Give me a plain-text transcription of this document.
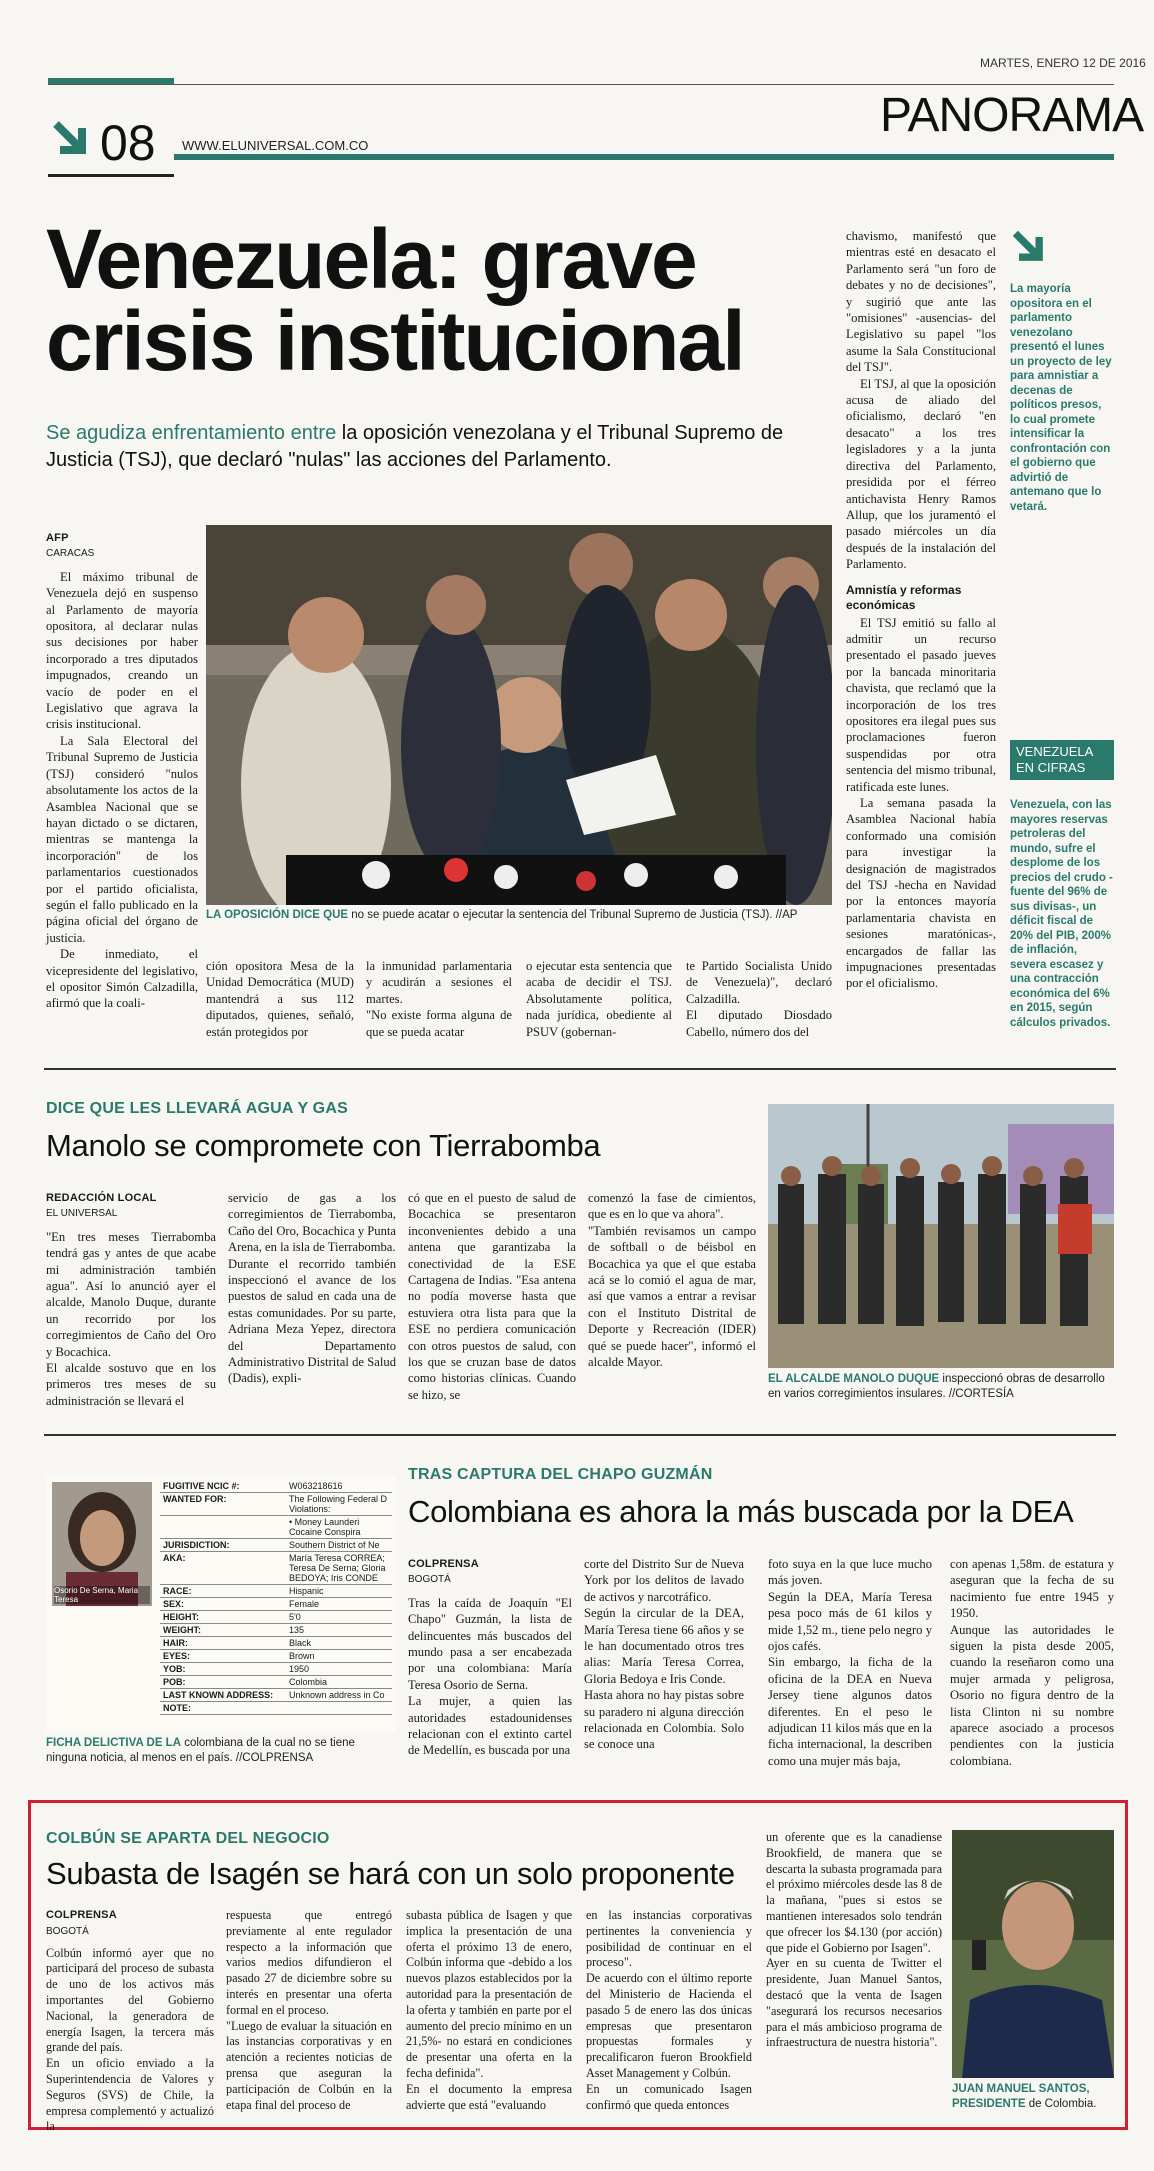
MARTES, ENERO 12 DE 2016
08 WWW.ELUNIVERSAL.COM.CO
PANORAMA
Venezuela: grave
crisis institucional
Se agudiza enfrentamiento entre la oposición venezolana y el Tribunal Supremo de Justicia (TSJ), que declaró "nulas" las acciones del Parlamento.
AFP
CARACAS

El máximo tribunal de Venezuela dejó en suspenso al Parlamento de mayoría opositora, al declarar nulas sus decisiones por haber incorporado a tres diputados impugnados, creando un vacío de poder en el Legislativo que agrava la crisis institucional.

La Sala Electoral del Tribunal Supremo de Justicia (TSJ) consideró "nulos absolutamente los actos de la Asamblea Nacional que se hayan dictado o se dictaren, mientras se mantenga la incorporación" de los parlamentarios cuestionados por el partido oficialista, según el fallo publicado en la página oficial del órgano de justicia.

De inmediato, el vicepresidente del legislativo, el opositor Simón Calzadilla, afirmó que la coali-

LA OPOSICIÓN DICE QUE no se puede acatar o ejecutar la sentencia del Tribunal Supremo de Justicia (TSJ). //AP
ción opositora Mesa de la Unidad Democrática (MUD) mantendrá a sus 112 diputados, quienes, señaló, están protegidos por
la inmunidad parlamentaria y acudirán a sesiones el martes.
"No existe forma alguna de que se pueda acatar
o ejecutar esta sentencia que acaba de decidir el TSJ. Absolutamente política, nada jurídica, obediente al PSUV (gobernan-
te Partido Socialista Unido de Venezuela)", declaró Calzadilla.
El diputado Diosdado Cabello, número dos del

chavismo, manifestó que mientras esté en desacato el Parlamento será "un foro de debates y no de decisiones", y sugirió que ante las "omisiones" -ausencias- del Legislativo su papel "los asume la Sala Constitucional del TSJ".

El TSJ, al que la oposición acusa de aliado del oficialismo, declaró "en desacato" a los tres legisladores y a la junta directiva del Parlamento, presidida por el férreo antichavista Henry Ramos Allup, que los juramentó el pasado miércoles un día después de la instalación del Parlamento.

Amnistía y reformas económicas

El TSJ emitió su fallo al admitir un recurso presentado el pasado jueves por la bancada minoritaria chavista, que reclamó que la incorporación de los tres opositores era ilegal pues sus proclamaciones fueron suspendidas por otra sentencia del mismo tribunal, ratificada este lunes.

La semana pasada la Asamblea Nacional había conformado una comisión para investigar la designación de magistrados del TSJ -hecha en Navidad por la entonces mayoría parlamentaria chavista en sesiones maratónicas-, encargados de fallar las impugnaciones presentadas por el oficialismo.

La mayoría opositora en el parlamento venezolano presentó el lunes un proyecto de ley para amnistiar a decenas de políticos presos, lo cual promete intensificar la confrontación con el gobierno que advirtió de antemano que lo vetará.
VENEZUELA EN CIFRAS
Venezuela, con las mayores reservas petroleras del mundo, sufre el desplome de los precios del crudo -fuente del 96% de sus divisas-, un déficit fiscal de 20% del PIB, 200% de inflación, severa escasez y una contracción económica del 6% en 2015, según cálculos privados.
DICE QUE LES LLEVARÁ AGUA Y GAS
Manolo se compromete con Tierrabomba
REDACCIÓN LOCAL
EL UNIVERSAL
"En tres meses Tierrabomba tendrá gas y antes de que acabe mi administración también agua". Así lo anunció ayer el alcalde, Manolo Duque, durante un recorrido por los corregimientos de Caño del Oro y Bocachica.
El alcalde sostuvo que en los primeros tres meses de su administración se llevará el
servicio de gas a los corregimientos de Tierrabomba, Caño del Oro, Bocachica y Punta Arena, en la isla de Tierrabomba.
Durante el recorrido también inspeccionó el avance de los puestos de salud en cada una de estas comunidades. Por su parte, Adriana Meza Yepez, directora del Departamento Administrativo Distrital de Salud (Dadis), expli-
có que en el puesto de salud de Bocachica se presentaron inconvenientes debido a una antena que garantizaba la conectividad de la ESE Cartagena de Indias. "Esa antena no podía moverse hasta que estuviera otra lista para que la ESE no perdiera comunicación con otros puestos de salud, con los que se cruzan base de datos como historias clínicas. Cuando se hizo, se
comenzó la fase de cimientos, que es en lo que va ahora".
"También revisamos un campo de softball o de béisbol en Bocachica ya que el que estaba acá se lo comió el agua de mar, así que vamos a entrar a revisar con el Instituto Distrital de Deporte y Recreación (IDER) qué se puede hacer", informó el alcalde Mayor.
EL ALCALDE MANOLO DUQUE inspeccionó obras de desarrollo en varios corregimientos insulares. //CORTESÍA
Osorio De Serna, Maria Teresa
FUGITIVE NCIC #:	W063218616
WANTED FOR:	The Following Federal D Violations:
	• Money Launderi Cocaine Conspira
JURISDICTION:	Southern District of Ne
AKA:	María Teresa CORREA; Teresa De Serna; Gloria BEDOYA; Iris CONDE
RACE:	Hispanic
SEX:	Female
HEIGHT:	5'0
WEIGHT:	135
HAIR:	Black
EYES:	Brown
YOB:	1950
POB:	Colombia
LAST KNOWN ADDRESS:	Unknown address in Co
NOTE:	
FICHA DELICTIVA DE LA colombiana de la cual no se tiene ninguna noticia, al menos en el país. //COLPRENSA
TRAS CAPTURA DEL CHAPO GUZMÁN
Colombiana es ahora la más buscada por la DEA
COLPRENSA
BOGOTÁ
Tras la caída de Joaquín "El Chapo" Guzmán, la lista de delincuentes más buscados del mundo pasa a ser encabezada por una colombiana: María Teresa Osorio de Serna.
La mujer, a quien las autoridades estadounidenses relacionan con el extinto cartel de Medellín, es buscada por una
corte del Distrito Sur de Nueva York por los delitos de lavado de activos y narcotráfico.
Según la circular de la DEA, María Teresa tiene 66 años y se le han documentado otros tres alias: María Teresa Correa, Gloria Bedoya e Iris Conde.
Hasta ahora no hay pistas sobre su paradero ni alguna dirección relacionada en Colombia. Solo se conoce una
foto suya en la que luce mucho más joven.
Según la DEA, María Teresa pesa poco más de 61 kilos y mide 1,52 m., tiene pelo negro y ojos cafés.
Sin embargo, la ficha de la oficina de la DEA en Nueva Jersey tiene algunos datos diferentes. En el peso le adjudican 11 kilos más que en la ficha internacional, la describen como una mujer más baja,
con apenas 1,58m. de estatura y aseguran que la fecha de su nacimiento fue entre 1945 y 1950.
Aunque las autoridades le siguen la pista desde 2005, cuando la reseñaron como una mujer armada y peligrosa, Osorio no figura dentro de la lista Clinton ni su nombre aparece asociado a procesos pendientes con la justicia colombiana.
COLBÚN SE APARTA DEL NEGOCIO
Subasta de Isagén se hará con un solo proponente
COLPRENSA
BOGOTÁ
Colbún informó ayer que no participará del proceso de subasta de uno de los activos más importantes del Gobierno Nacional, la generadora de energía Isagen, la tercera más grande del país.
En un oficio enviado a la Superintendencia de Valores y Seguros (SVS) de Chile, la empresa complementó y actualizó la
respuesta que entregó previamente al ente regulador respecto a la información que varios medios difundieron el pasado 27 de diciembre sobre su interés en presentar una oferta formal en el proceso.
"Luego de evaluar la situación en las instancias corporativas y en atención a recientes noticias de prensa que aseguran la participación de Colbún en la etapa final del proceso de
subasta pública de Isagen y que implica la presentación de una oferta el próximo 13 de enero, Colbún informa que -debido a los nuevos plazos establecidos por la autoridad para la presentación de la oferta y también en parte por el aumento del precio mínimo en un 21,5%- no estará en condiciones de presentar una oferta en la fecha definida".
En el documento la empresa advierte que está "evaluando
en las instancias corporativas pertinentes la conveniencia y posibilidad de continuar en el proceso".
De acuerdo con el último reporte del Ministerio de Hacienda el pasado 5 de enero las dos únicas empresas que presentaron propuestas formales y precalificaron fueron Brookfield Asset Management y Colbún.
En un comunicado Isagen confirmó que queda entonces
un oferente que es la canadiense Brookfield, de manera que se descarta la subasta programada para el próximo miércoles desde las 8 de la mañana, "pues si estos se mantienen interesados solo tendrán que ofrecer los $4.130 (por acción) que pide el Gobierno por Isagen".
Ayer en su cuenta de Twitter el presidente, Juan Manuel Santos, destacó que la venta de Isagen "asegurará los recursos necesarios para el más ambicioso programa de infraestructura de nuestra historia".
JUAN MANUEL SANTOS, PRESIDENTE de Colombia.
